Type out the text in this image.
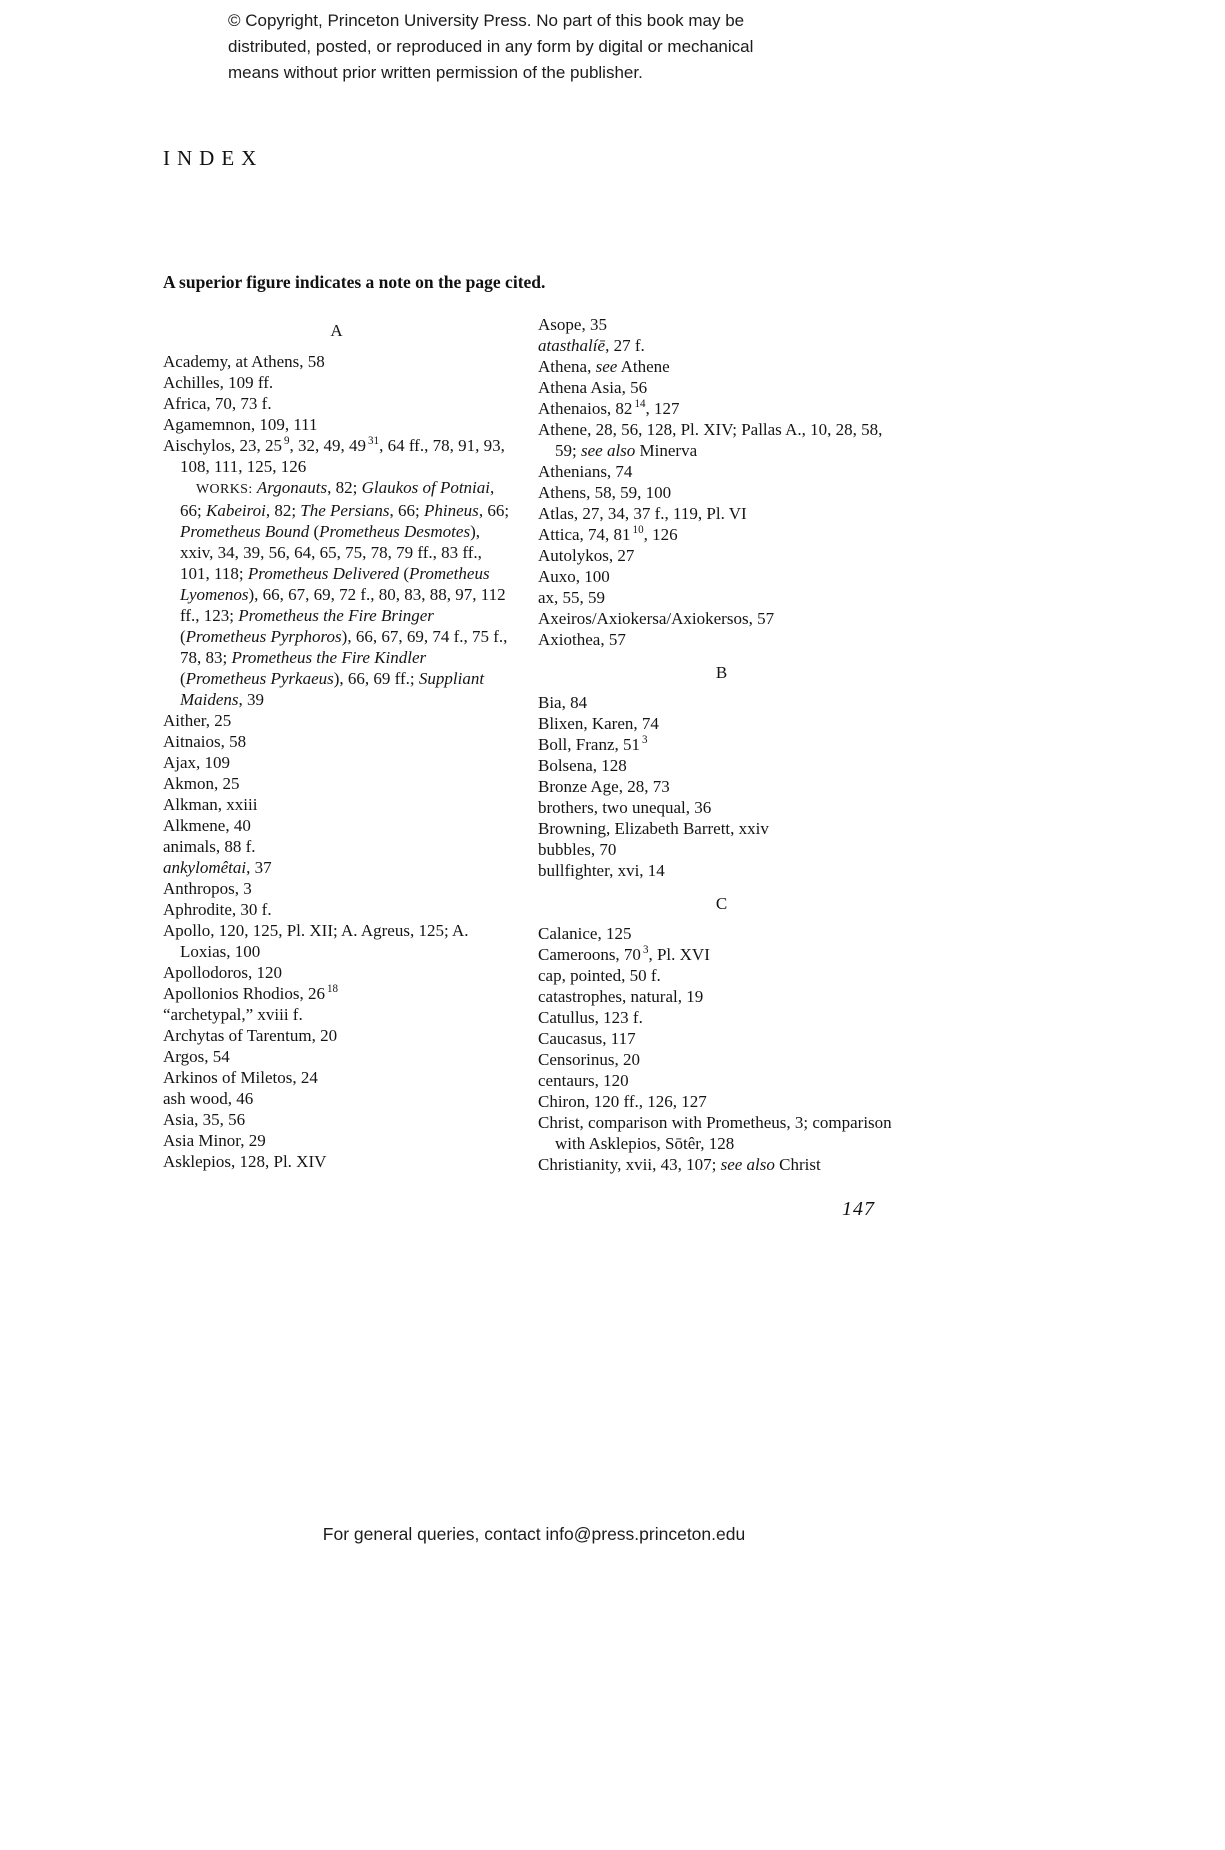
© Copyright, Princeton University Press. No part of this book may be
distributed, posted, or reproduced in any form by digital or mechanical
means without prior written permission of the publisher.
INDEX

A superior figure indicates a note on the page cited.

A

Academy, at Athens, 58

Achilles, 109 ff.

Africa, 70, 73 f.

Agamemnon, 109, 111

Aischylos, 23, 25 $^9$, 32, 49, 49 $^{31}$, 64 ff., 78, 91, 93, 108, 111, 125, 126

WORKS: Argonauts, 82; Glaukos of Potniai, 66; Kabeiroi, 82; The Persians, 66; Phineus, 66; Prometheus Bound (Prometheus Desmotes), xxiv, 34, 39, 56, 64, 65, 75, 78, 79 ff., 83 ff., 101, 118; Prometheus Delivered (Prometheus Lyomenos), 66, 67, 69, 72 f., 80, 83, 88, 97, 112 ff., 123; Prometheus the Fire Bringer (Prometheus Pyrphoros), 66, 67, 69, 74 f., 75 f., 78, 83; Prometheus the Fire Kindler (Prometheus Pyrkaeus), 66, 69 ff.; Suppliant Maidens, 39

Aither, 25

Aitnaios, 58

Ajax, 109

Akmon, 25

Alkman, xxiii

Alkmene, 40

animals, 88 f.

ankylomêtai, 37

Anthropos, 3

Aphrodite, 30 f.

Apollo, 120, 125, Pl. XII; A. Agreus, 125; A. Loxias, 100

Apollodoros, 120

Apollonios Rhodios, 26 $^{18}$

“archetypal,” xviii f.

Archytas of Tarentum, 20

Argos, 54

Arkinos of Miletos, 24

ash wood, 46

Asia, 35, 56

Asia Minor, 29

Asklepios, 128, Pl. XIV

Asope, 35

atasthalíē, 27 f.

Athena, see Athene

Athena Asia, 56

Athenaios, 82 $^{14}$, 127

Athene, 28, 56, 128, Pl. XIV; Pallas A., 10, 28, 58, 59; see also Minerva

Athenians, 74

Athens, 58, 59, 100

Atlas, 27, 34, 37 f., 119, Pl. VI

Attica, 74, 81 $^{10}$, 126

Autolykos, 27

Auxo, 100

ax, 55, 59

Axeiros/Axiokersa/Axiokersos, 57

Axiothea, 57

B

Bia, 84

Blixen, Karen, 74

Boll, Franz, 51 $^3$

Bolsena, 128

Bronze Age, 28, 73

brothers, two unequal, 36

Browning, Elizabeth Barrett, xxiv

bubbles, 70

bullfighter, xvi, 14

C

Calanice, 125

Cameroons, 70 $^3$, Pl. XVI

cap, pointed, 50 f.

catastrophes, natural, 19

Catullus, 123 f.

Caucasus, 117

Censorinus, 20

centaurs, 120

Chiron, 120 ff., 126, 127

Christ, comparison with Prometheus, 3; comparison with Asklepios, Sōtêr, 128

Christianity, xvii, 43, 107; see also Christ

147
For general queries, contact info@press.princeton.edu
